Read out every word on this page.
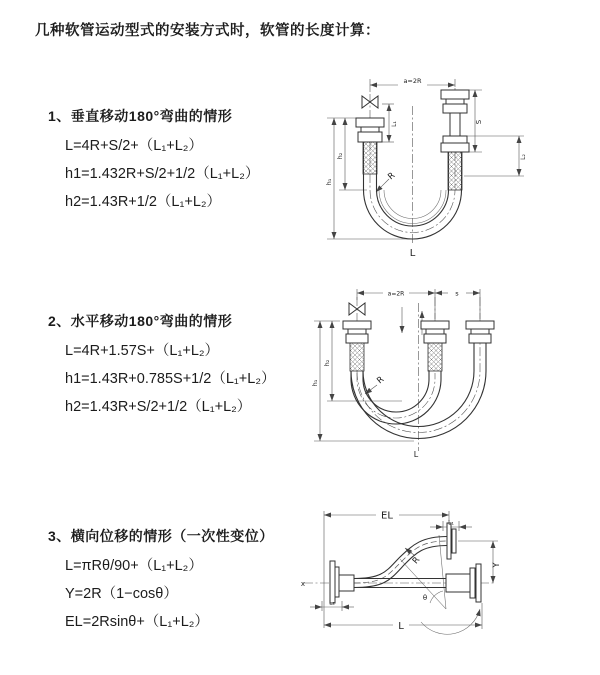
几种软管运动型式的安装方式时，软管的长度计算：
1、垂直移动180°弯曲的情形
L=4R+S/2+（L₁+L₂）
h1=1.432R+S/2+1/2（L₁+L₂）
h2=1.43R+1/2（L₁+L₂）
a=2R
h₁
h₂
L₁	S
L₂
R
L
2、水平移动180°弯曲的情形
L=4R+1.57S+（L₁+L₂）
h1=1.43R+0.785S+1/2（L₁+L₂）
h2=1.43R+S/2+1/2（L₁+L₂）
a=2R	s
h₁
h₂
R
L
3、横向位移的情形（一次性变位）
L=πRθ/90+（L₁+L₂）
Y=2R（1−cosθ）
EL=2Rsinθ+（L₁+L₂）
EL
L₁
Y
L
L₂
R
θ
x
